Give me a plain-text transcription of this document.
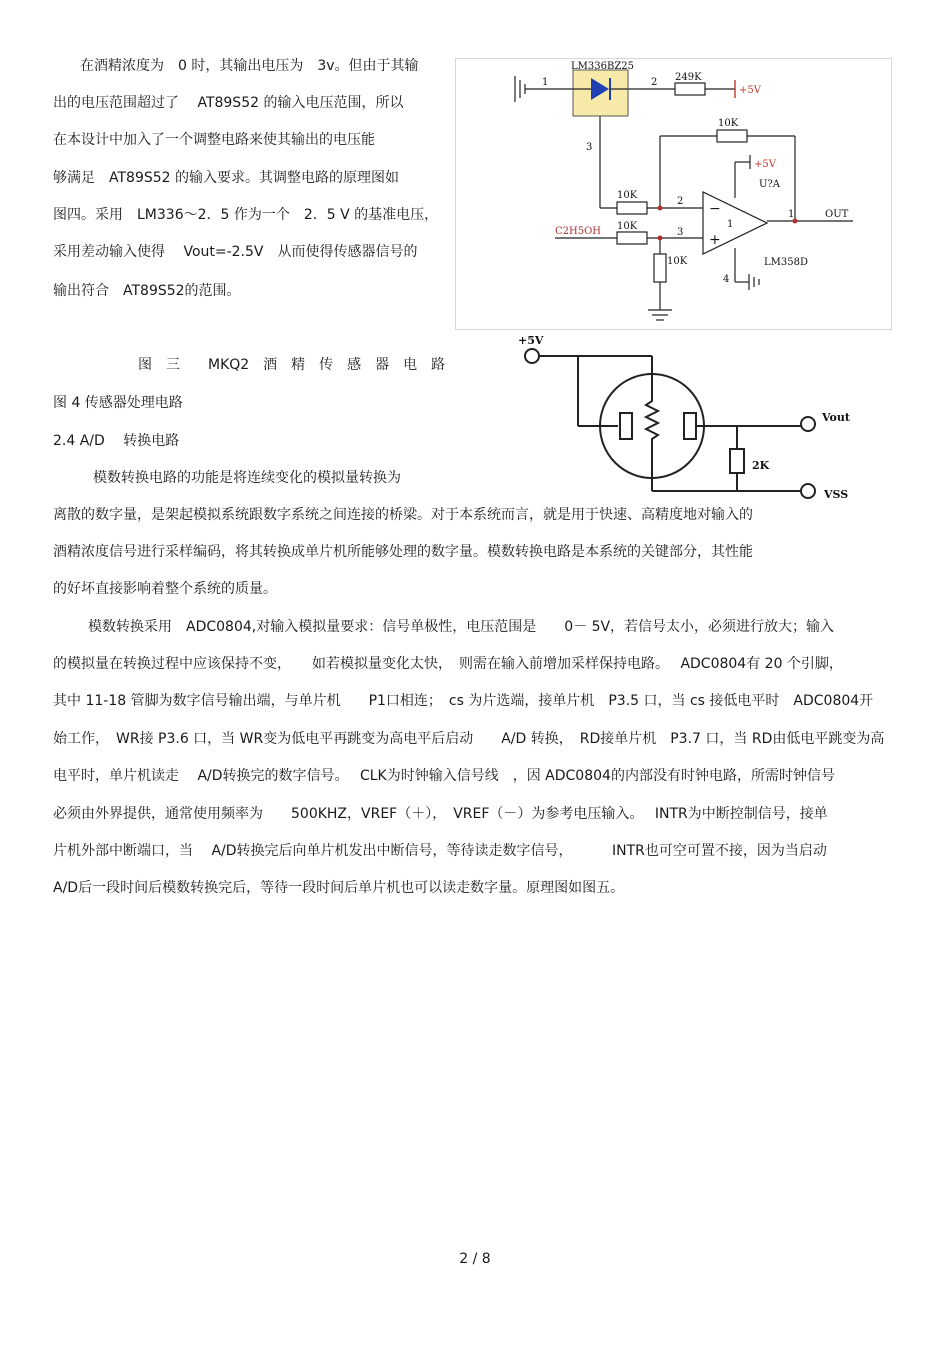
在酒精浓度为　0 时，其输出电压为　3v。但由于其输
出的电压范围超过了　 AT89S52 的输入电压范围，所以
在本设计中加入了一个调整电路来使其输出的电压能
够满足　AT89S52 的输入要求。其调整电路的原理图如
图四。采用　LM336～2．5 作为一个　2．5 V 的基准电压，
采用差动输入使得　 Vout=-2.5V　从而使得传感器信号的
输出符合　AT89S52的范围。
LM336BZ25
1	2 249K
+5V
3
10K
+5V
U?A
10K
2
10K
3
C2H5OH
10K
1	OUT
4
LM358D
1
−
+
+5V
Vout
2K
VSS
图　三　　MKQ2　酒　精　传　感　器　电　路
图 4 传感器处理电路
2.4 A/D　 转换电路
模数转换电路的功能是将连续变化的模拟量转换为
离散的数字量，是架起模拟系统跟数字系统之间连接的桥梁。对于本系统而言，就是用于快速、高精度地对输入的
酒精浓度信号进行采样编码，将其转换成单片机所能够处理的数字量。模数转换电路是本系统的关键部分，其性能
的好坏直接影响着整个系统的质量。
模数转换采用　ADC0804,对输入模拟量要求：信号单极性，电压范围是　　0－ 5V，若信号太小，必须进行放大；输入
的模拟量在转换过程中应该保持不变，　　如若模拟量变化太快，　则需在输入前增加采样保持电路。　 ADC0804有 20 个引脚，
其中 11-18 管脚为数字信号输出端，与单片机　　P1口相连；　cs 为片选端，接单片机　P3.5 口，当 cs 接低电平时　ADC0804开
始工作，　WR接 P3.6 口，当 WR变为低电平再跳变为高电平后启动　　A/D 转换，　RD接单片机　P3.7 口，当 RD由低电平跳变为高
电平时，单片机读走　 A/D转换完的数字信号。　 CLK为时钟输入信号线　，因 ADC0804的内部没有时钟电路，所需时钟信号
必须由外界提供，通常使用频率为　　500KHZ，VREF（＋），　VREF（－）为参考电压输入。　 INTR为中断控制信号，接单
片机外部中断端口，当　 A/D转换完后向单片机发出中断信号，等待读走数字信号，　　　 INTR也可空可置不接，因为当启动
A/D后一段时间后模数转换完后，等待一段时间后单片机也可以读走数字量。原理图如图五。
2 / 8
